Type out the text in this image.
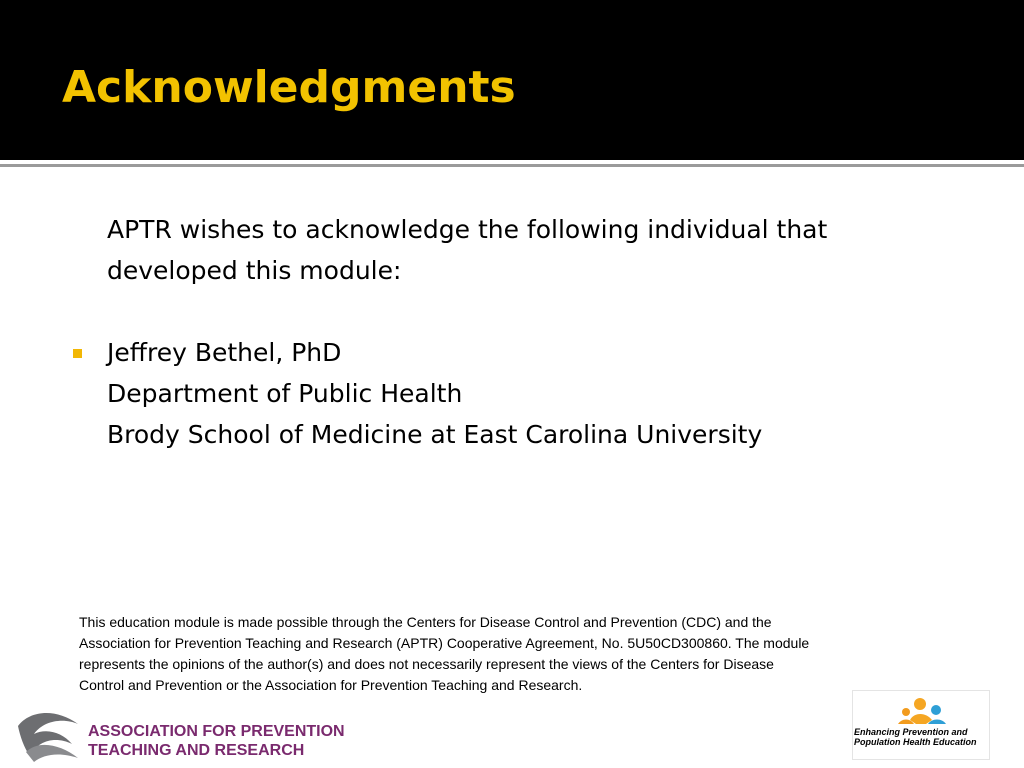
Acknowledgments
APTR wishes to acknowledge the following individual that
developed this module:
Jeffrey Bethel, PhD
Department of Public Health
Brody School of Medicine at East Carolina University
This education module is made possible through the Centers for Disease Control and Prevention (CDC) and the
Association for Prevention Teaching and Research (APTR) Cooperative Agreement, No. 5U50CD300860. The module
represents the opinions of the author(s) and does not necessarily represent the views of the Centers for Disease
Control and Prevention or the Association for Prevention Teaching and Research.
ASSOCIATION FOR PREVENTION
TEACHING AND RESEARCH
Enhancing Prevention and
Population Health Education
